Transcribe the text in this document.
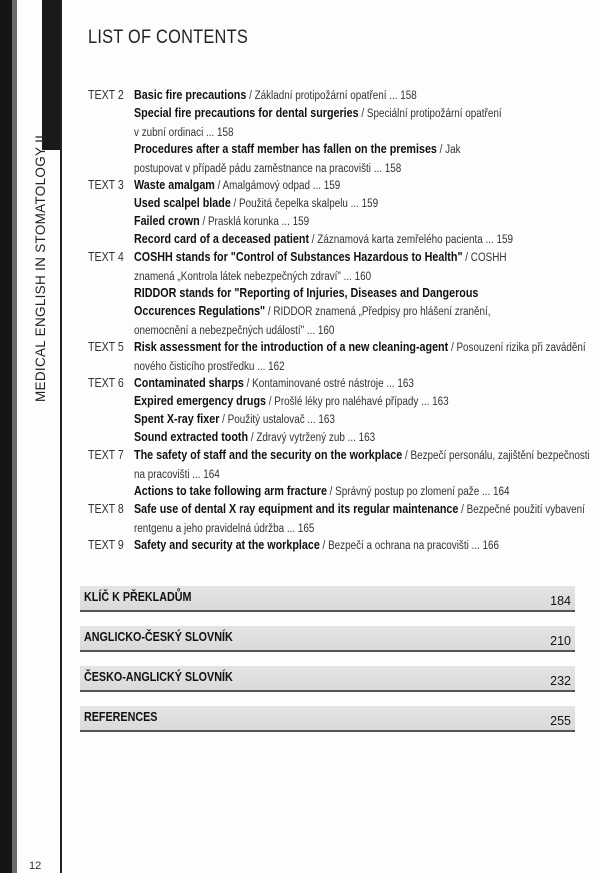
MEDICAL ENGLISH IN STOMATOLOGY II
12
LIST OF CONTENTS
TEXT 2 Basic fire precautions / Základní protipožární opatření ... 158
Special fire precautions for dental surgeries / Speciální protipožární opatření v zubní ordinaci ... 158
Procedures after a staff member has fallen on the premises / Jak postupovat v případě pádu zaměstnance na pracovišti ... 158
TEXT 3 Waste amalgam / Amalgámový odpad ... 159
Used scalpel blade / Použitá čepelka skalpelu ... 159
Failed crown / Prasklá korunka ... 159
Record card of a deceased patient / Záznamová karta zemřelého pacienta ... 159
TEXT 4 COSHH stands for "Control of Substances Hazardous to Health" / COSHH znamená „Kontrola látek nebezpečných zdraví" ... 160
RIDDOR stands for "Reporting of Injuries, Diseases and Dangerous Occurences Regulations" / RIDDOR znamená „Předpisy pro hlášení zranění, onemocnění a nebezpečných událostí" ... 160
TEXT 5 Risk assessment for the introduction of a new cleaning-agent / Posouzení rizika při zavádění nového čisticího prostředku ... 162
TEXT 6 Contaminated sharps / Kontaminované ostré nástroje ... 163
Expired emergency drugs / Prošlé léky pro naléhavé případy ... 163
Spent X-ray fixer / Použitý ustalovač ... 163
Sound extracted tooth / Zdravý vytržený zub ... 163
TEXT 7 The safety of staff and the security on the workplace / Bezpečí personálu, zajištění bezpečnosti na pracovišti ... 164
Actions to take following arm fracture / Správný postup po zlomení paže ... 164
TEXT 8 Safe use of dental X ray equipment and its regular maintenance / Bezpečné použití vybavení rentgenu a jeho pravidelná údržba ... 165
TEXT 9 Safety and security at the workplace / Bezpečí a ochrana na pracovišti ... 166
KLÍČ K PŘEKLADŮM	184
ANGLICKO-ČESKÝ SLOVNÍK	210
ČESKO-ANGLICKÝ SLOVNÍK	232
REFERENCES	255
